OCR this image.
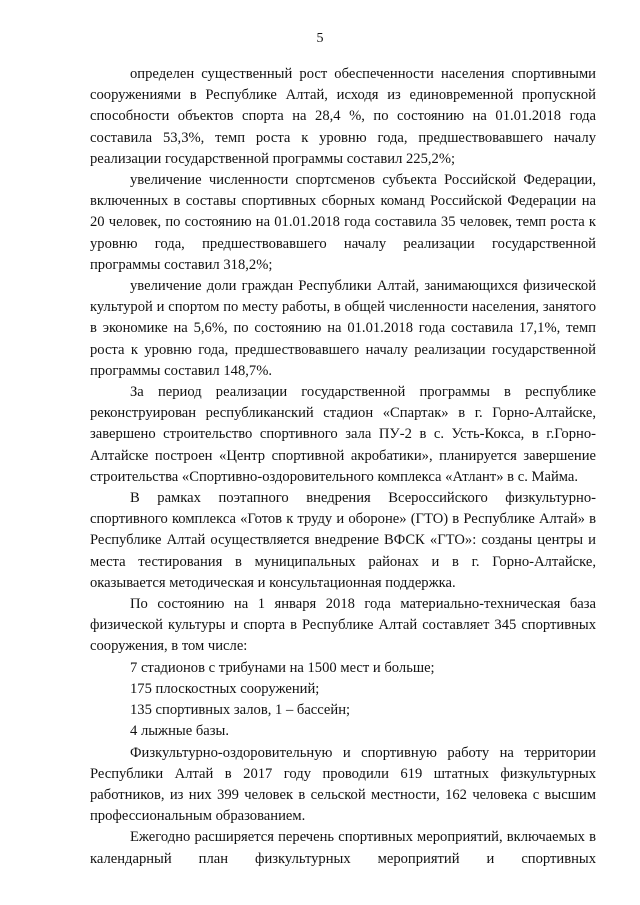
5

определен существенный рост обеспеченности населения спортивными сооружениями в Республике Алтай, исходя из единовременной пропускной способности объектов спорта на 28,4 %, по состоянию на 01.01.2018 года составила 53,3%, темп роста к уровню года, предшествовавшего началу реализации государственной программы составил 225,2%;

увеличение численности спортсменов субъекта Российской Федерации, включенных в составы спортивных сборных команд Российской Федерации на 20 человек, по состоянию на 01.01.2018 года составила 35 человек, темп роста к уровню года, предшествовавшего началу реализации государственной программы составил 318,2%;

увеличение доли граждан Республики Алтай, занимающихся физической культурой и спортом по месту работы, в общей численности населения, занятого в экономике на 5,6%, по состоянию на 01.01.2018 года составила 17,1%, темп роста к уровню года, предшествовавшего началу реализации государственной программы составил 148,7%.

За период реализации государственной программы в республике реконструирован республиканский стадион «Спартак» в г. Горно-Алтайске, завершено строительство спортивного зала ПУ-2 в с. Усть-Кокса, в г.Горно-Алтайске построен «Центр спортивной акробатики», планируется завершение строительства «Спортивно-оздоровительного комплекса «Атлант» в с. Майма.

В рамках поэтапного внедрения Всероссийского физкультурно-спортивного комплекса «Готов к труду и обороне» (ГТО) в Республике Алтай» в Республике Алтай осуществляется внедрение ВФСК «ГТО»: созданы центры и места тестирования в муниципальных районах и в г. Горно-Алтайске, оказывается методическая и консультационная поддержка.

По состоянию на 1 января 2018 года материально-техническая база физической культуры и спорта в Республике Алтай составляет 345 спортивных сооружения, в том числе:

7 стадионов с трибунами на 1500 мест и больше;

175 плоскостных сооружений;

135 спортивных залов, 1 – бассейн;

4 лыжные базы.

Физкультурно-оздоровительную и спортивную работу на территории Республики Алтай в 2017 году проводили 619 штатных физкультурных работников, из них 399 человек в сельской местности, 162 человека с высшим профессиональным образованием.

Ежегодно расширяется перечень спортивных мероприятий, включаемых в календарный план физкультурных мероприятий и спортивных
